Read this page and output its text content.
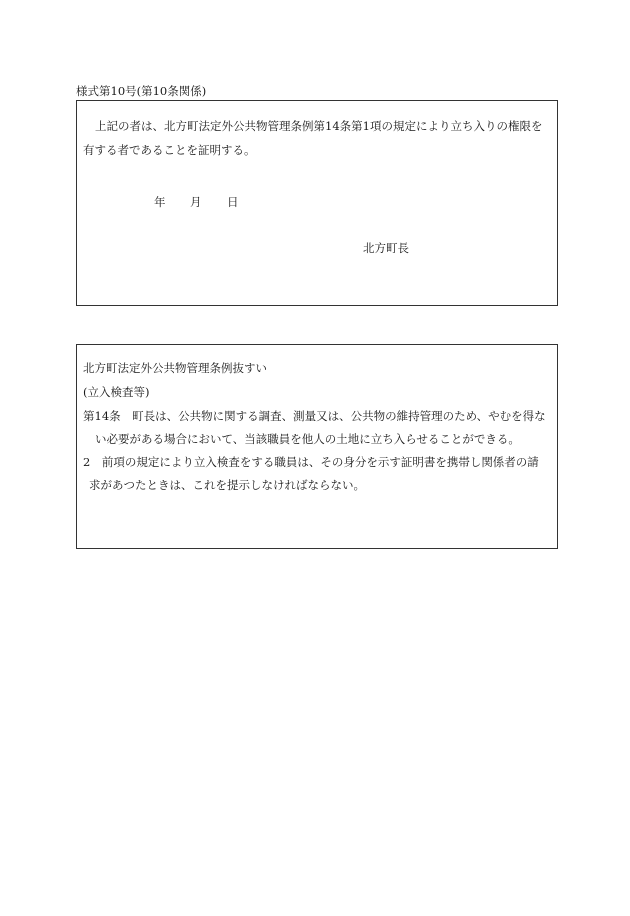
様式第10号(第10条関係)
上記の者は、北方町法定外公共物管理条例第14条第1項の規定により立ち入りの権限を
有する者であることを証明する。
年 月 日
北方町長
北方町法定外公共物管理条例抜すい
(立入検査等)
第14条　町長は、公共物に関する調査、測量又は、公共物の維持管理のため、やむを得な
い必要がある場合において、当該職員を他人の土地に立ち入らせることができる。
2　前項の規定により立入検査をする職員は、その身分を示す証明書を携帯し関係者の請
求があつたときは、これを提示しなければならない。
